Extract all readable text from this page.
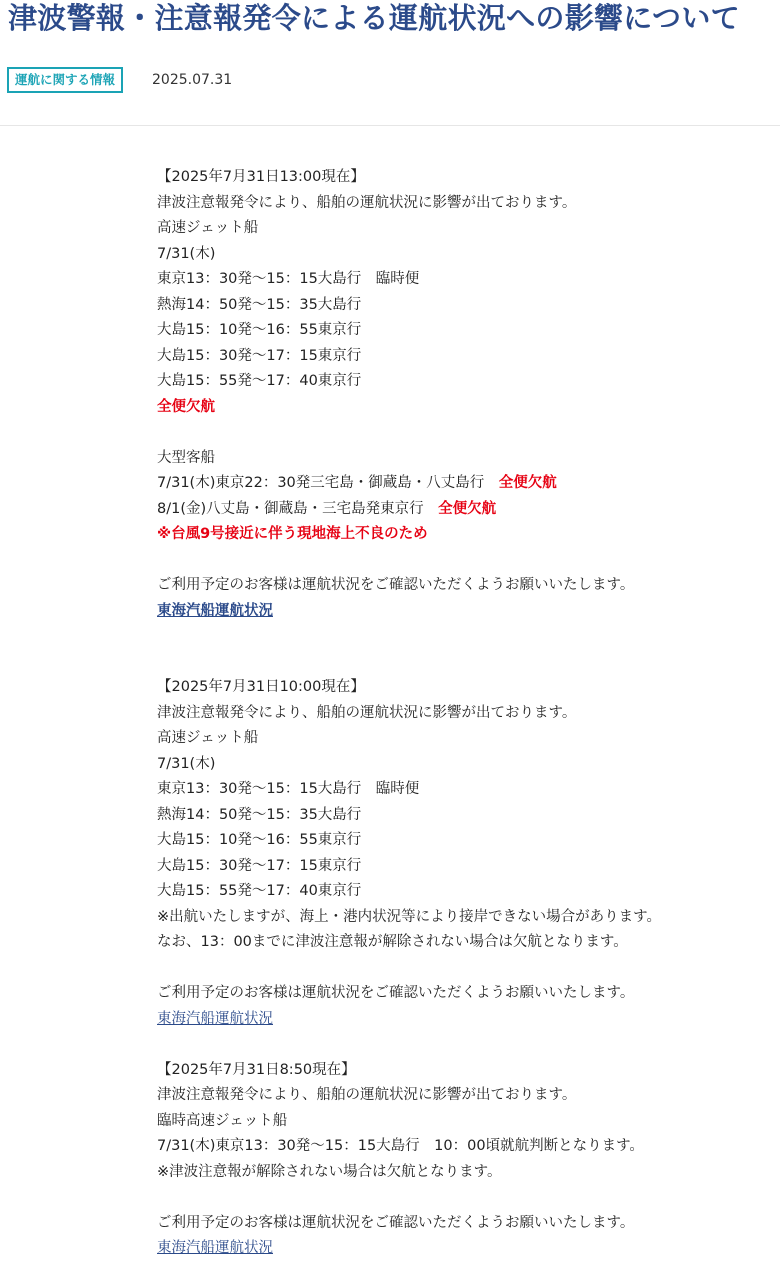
津波警報・注意報発令による運航状況への影響について
運航に関する情報	2025.07.31
【2025年7月31日13:00現在】
津波注意報発令により、船舶の運航状況に影響が出ております。
高速ジェット船
7/31(木)
東京13：30発～15：15大島行　臨時便
熱海14：50発～15：35大島行
大島15：10発～16：55東京行
大島15：30発～17：15東京行
大島15：55発～17：40東京行
全便欠航
大型客船
7/31(木)東京22：30発三宅島・御蔵島・八丈島行　 全便欠航
8/1(金)八丈島・御蔵島・三宅島発東京行　 全便欠航
※台風9号接近に伴う現地海上不良のため
ご利用予定のお客様は運航状況をご確認いただくようお願いいたします。
東海汽船運航状況
【2025年7月31日10:00現在】
津波注意報発令により、船舶の運航状況に影響が出ております。
高速ジェット船
7/31(木)
東京13：30発～15：15大島行　臨時便
熱海14：50発～15：35大島行
大島15：10発～16：55東京行
大島15：30発～17：15東京行
大島15：55発～17：40東京行
※出航いたしますが、海上・港内状況等により接岸できない場合があります。
なお、13：00までに津波注意報が解除されない場合は欠航となります。
ご利用予定のお客様は運航状況をご確認いただくようお願いいたします。
東海汽船運航状況
【2025年7月31日8:50現在】
津波注意報発令により、船舶の運航状況に影響が出ております。
臨時高速ジェット船
7/31(木)東京13：30発～15：15大島行　10：00頃就航判断となります。
※津波注意報が解除されない場合は欠航となります。
ご利用予定のお客様は運航状況をご確認いただくようお願いいたします。
東海汽船運航状況
